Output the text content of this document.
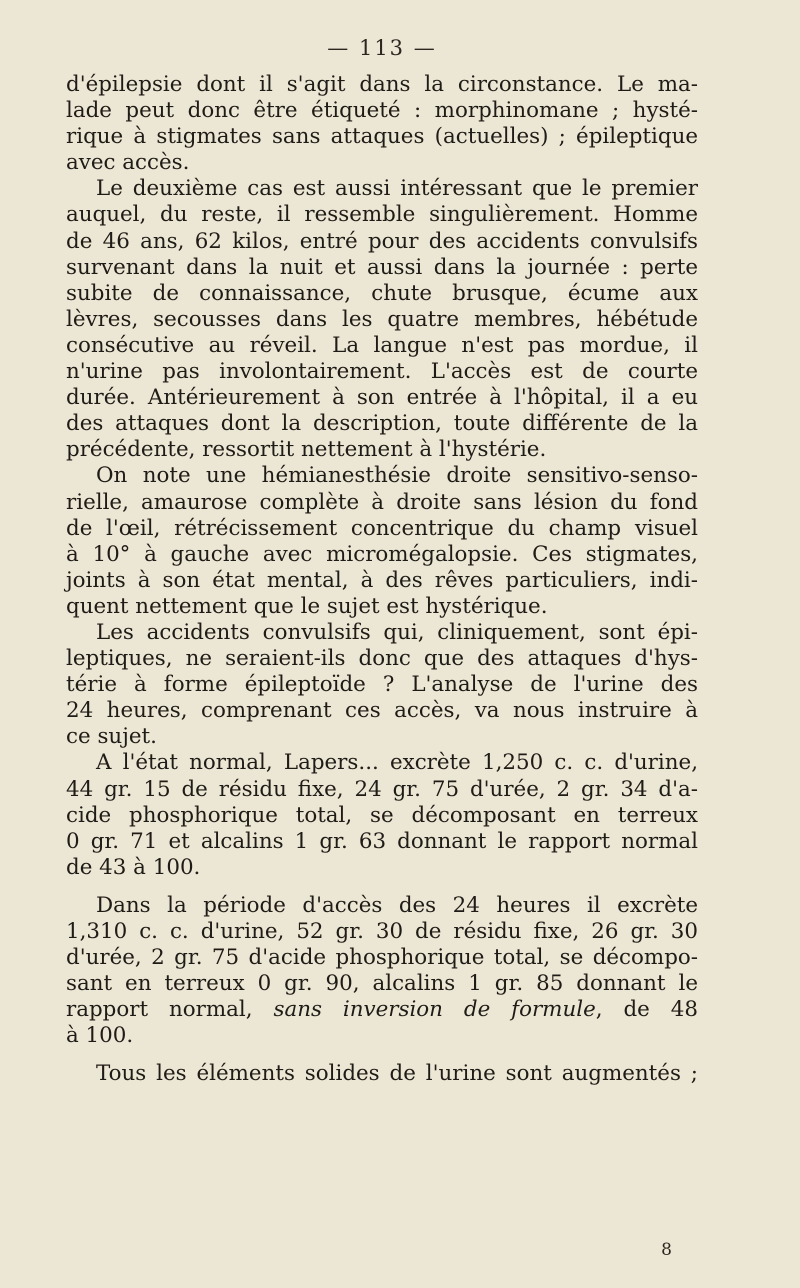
— 113 —
d'épilepsie dont il s'agit dans la circonstance. Le ma-
lade peut donc être étiqueté : morphinomane ; hysté-
rique à stigmates sans attaques (actuelles) ; épileptique
avec accès.
Le deuxième cas est aussi intéressant que le premier
auquel, du reste, il ressemble singulièrement. Homme
de 46 ans, 62 kilos, entré pour des accidents convulsifs
survenant dans la nuit et aussi dans la journée : perte
subite de connaissance, chute brusque, écume aux
lèvres, secousses dans les quatre membres, hébétude
consécutive au réveil. La langue n'est pas mordue, il
n'urine pas involontairement. L'accès est de courte
durée. Antérieurement à son entrée à l'hôpital, il a eu
des attaques dont la description, toute différente de la
précédente, ressortit nettement à l'hystérie.
On note une hémianesthésie droite sensitivo-senso-
rielle, amaurose complète à droite sans lésion du fond
de l'œil, rétrécissement concentrique du champ visuel
à 10° à gauche avec micromégalopsie. Ces stigmates,
joints à son état mental, à des rêves particuliers, indi-
quent nettement que le sujet est hystérique.
Les accidents convulsifs qui, cliniquement, sont épi-
leptiques, ne seraient-ils donc que des attaques d'hys-
térie à forme épileptoïde ? L'analyse de l'urine des
24 heures, comprenant ces accès, va nous instruire à
ce sujet.
A l'état normal, Lapers... excrète 1,250 c. c. d'urine,
44 gr. 15 de résidu fixe, 24 gr. 75 d'urée, 2 gr. 34 d'a-
cide phosphorique total, se décomposant en terreux
0 gr. 71 et alcalins 1 gr. 63 donnant le rapport normal
de 43 à 100.
Dans la période d'accès des 24 heures il excrète
1,310 c. c. d'urine, 52 gr. 30 de résidu fixe, 26 gr. 30
d'urée, 2 gr. 75 d'acide phosphorique total, se décompo-
sant en terreux 0 gr. 90, alcalins 1 gr. 85 donnant le
rapport normal, sans inversion de formule, de 48
à 100.
Tous les éléments solides de l'urine sont augmentés ;
8
